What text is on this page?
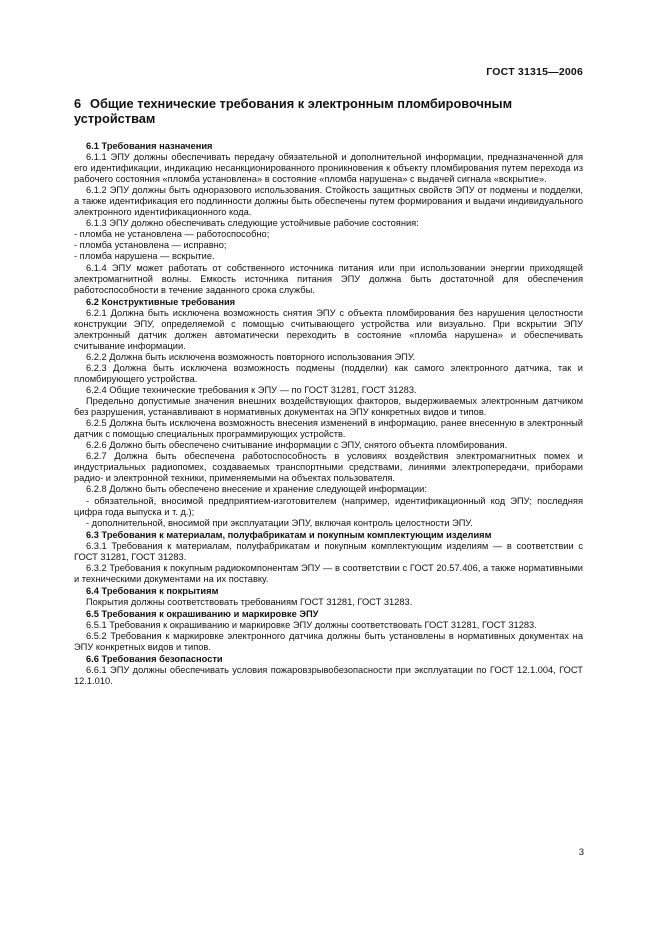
ГОСТ 31315—2006
6 Общие технические требования к электронным пломбировочным устройствам

6.1 Требования назначения

6.1.1 ЭПУ должны обеспечивать передачу обязательной и дополнительной информации, предназначенной для его идентификации, индикацию несанкционированного проникновения к объекту пломбирования путем перехода из рабочего состояния «пломба установлена» в состояние «пломба нарушена» с выдачей сигнала «вскрытие».

6.1.2 ЭПУ должны быть одноразового использования. Стойкость защитных свойств ЭПУ от подмены и подделки, а также идентификация его подлинности должны быть обеспечены путем формирования и выдачи индивидуального электронного идентификационного кода.

6.1.3 ЭПУ должно обеспечивать следующие устойчивые рабочие состояния:

- пломба не установлена — работоспособно;

- пломба установлена — исправно;

- пломба нарушена — вскрытие.

6.1.4 ЭПУ может работать от собственного источника питания или при использовании энергии приходящей электромагнитной волны. Емкость источника питания ЭПУ должна быть достаточной для обеспечения работоспособности в течение заданного срока службы.

6.2 Конструктивные требования

6.2.1 Должна быть исключена возможность снятия ЭПУ с объекта пломбирования без нарушения целостности конструкции ЭПУ, определяемой с помощью считывающего устройства или визуально. При вскрытии ЭПУ электронный датчик должен автоматически переходить в состояние «пломба нарушена» и обеспечивать считывание информации.

6.2.2 Должна быть исключена возможность повторного использования ЭПУ.

6.2.3 Должна быть исключена возможность подмены (подделки) как самого электронного датчика, так и пломбирующего устройства.

6.2.4 Общие технические требования к ЭПУ — по ГОСТ 31281, ГОСТ 31283.

Предельно допустимые значения внешних воздействующих факторов, выдерживаемых электронным датчиком без разрушения, устанавливают в нормативных документах на ЭПУ конкретных видов и типов.

6.2.5 Должна быть исключена возможность внесения изменений в информацию, ранее внесенную в электронный датчик с помощью специальных программирующих устройств.

6.2.6 Должно быть обеспечено считывание информации с ЭПУ, снятого объекта пломбирования.

6.2.7 Должна быть обеспечена работоспособность в условиях воздействия электромагнитных помех и индустриальных радиопомех, создаваемых транспортными средствами, линиями электропередачи, приборами радио- и электронной техники, применяемыми на объектах пользователя.

6.2.8 Должно быть обеспечено внесение и хранение следующей информации:

- обязательной, вносимой предприятием-изготовителем (например, идентификационный код ЭПУ; последняя цифра года выпуска и т. д.);

- дополнительной, вносимой при эксплуатации ЭПУ, включая контроль целостности ЭПУ.

6.3 Требования к материалам, полуфабрикатам и покупным комплектующим изделиям

6.3.1 Требования к материалам, полуфабрикатам и покупным комплектующим изделиям — в соответствии с ГОСТ 31281, ГОСТ 31283.

6.3.2 Требования к покупным радиокомпонентам ЭПУ — в соответствии с ГОСТ 20.57.406, а также нормативными и техническими документами на их поставку.

6.4 Требования к покрытиям

Покрытия должны соответствовать требованиям ГОСТ 31281, ГОСТ 31283.

6.5 Требования к окрашиванию и маркировке ЭПУ

6.5.1 Требования к окрашиванию и маркировке ЭПУ должны соответствовать ГОСТ 31281, ГОСТ 31283.

6.5.2 Требования к маркировке электронного датчика должны быть установлены в нормативных документах на ЭПУ конкретных видов и типов.

6.6 Требования безопасности

6.6.1 ЭПУ должны обеспечивать условия пожаровзрывобезопасности при эксплуатации по ГОСТ 12.1.004, ГОСТ 12.1.010.

3
